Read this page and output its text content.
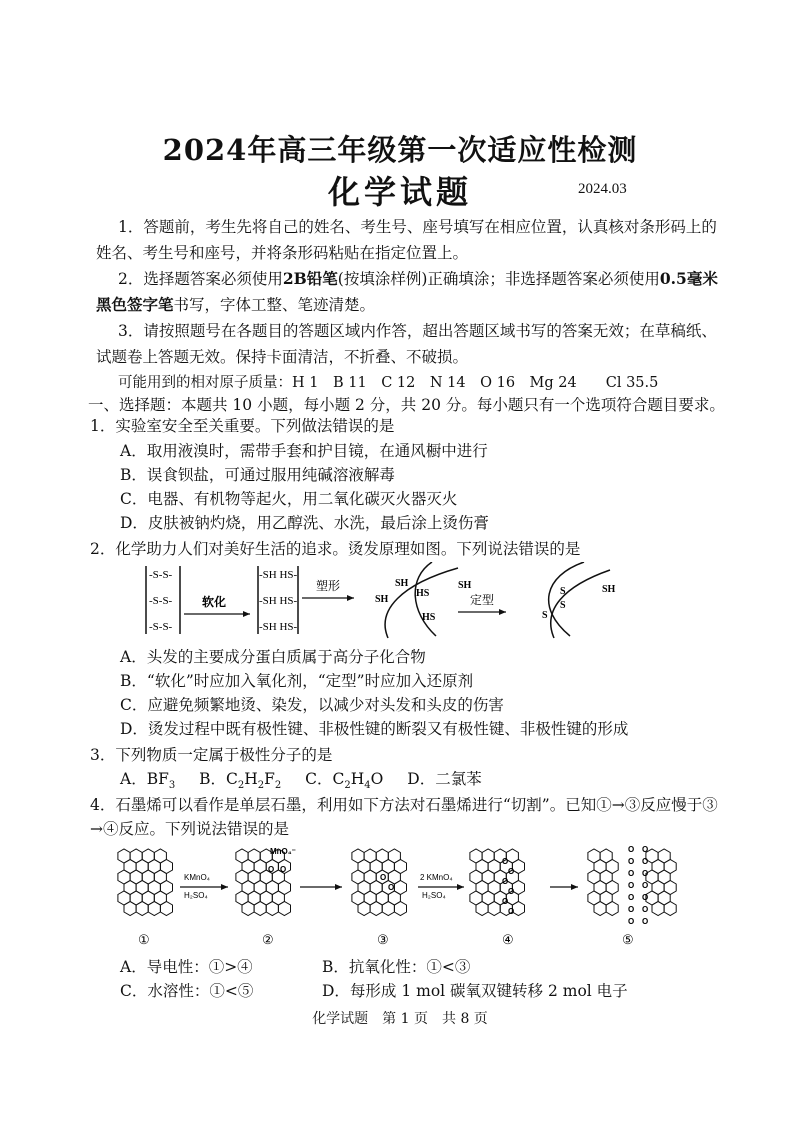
2024年高三年级第一次适应性检测
化学试题	2024.03
1．答题前，考生先将自己的姓名、考生号、座号填写在相应位置，认真核对条形码上的
姓名、考生号和座号，并将条形码粘贴在指定位置上。
2．选择题答案必须使用2B铅笔(按填涂样例)正确填涂；非选择题答案必须使用0.5毫米
黑色签字笔书写，字体工整、笔迹清楚。
3．请按照题号在各题目的答题区域内作答，超出答题区域书写的答案无效；在草稿纸、
试题卷上答题无效。保持卡面清洁，不折叠、不破损。
可能用到的相对原子质量：H 1　B 11　C 12　N 14　O 16　Mg 24　　Cl 35.5
一、选择题：本题共 10 小题，每小题 2 分，共 20 分。每小题只有一个选项符合题目要求。
1．实验室安全至关重要。下列做法错误的是
A．取用液溴时，需带手套和护目镜，在通风橱中进行
B．误食钡盐，可通过服用纯碱溶液解毒
C．电器、有机物等起火，用二氧化碳灭火器灭火
D．皮肤被钠灼烧，用乙醇洗、水洗，最后涂上烫伤膏
2．化学助力人们对美好生活的追求。烫发原理如图。下列说法错误的是
-S-S-
-S-S-
-S-S-
软化
-SH HS-
-SH HS-
-SH HS-
塑形
SH
HS
HS
SH	SH
定型
S
S
S	SH
A．头发的主要成分蛋白质属于高分子化合物
B．“软化”时应加入氧化剂，“定型”时应加入还原剂
C．应避免频繁地烫、染发，以减少对头发和头皮的伤害
D．烫发过程中既有极性键、非极性键的断裂又有极性键、非极性键的形成
3．下列物质一定属于极性分子的是
A．$BF_3$ B．$C_2H_2F_2$ C．$C_2H_4O$ D．二氯苯
4．石墨烯可以看作是单层石墨，利用如下方法对石墨烯进行“切割”。已知①→③反应慢于③
→④反应。下列说法错误的是
KMnO₄
H₂SO₄
2 KMnO₄
H₂SO₄
MnO₄⁻
①	②	③	④	⑤
O O
O
O
O
O
O
O
O
O
O O
O O
O O
O O
O O
O O
O O
A．导电性：①>④	B．抗氧化性：①<③
C．水溶性：①<⑤	D．每形成 1 mol 碳氧双键转移 2 mol 电子
化学试题　第 1 页　共 8 页
